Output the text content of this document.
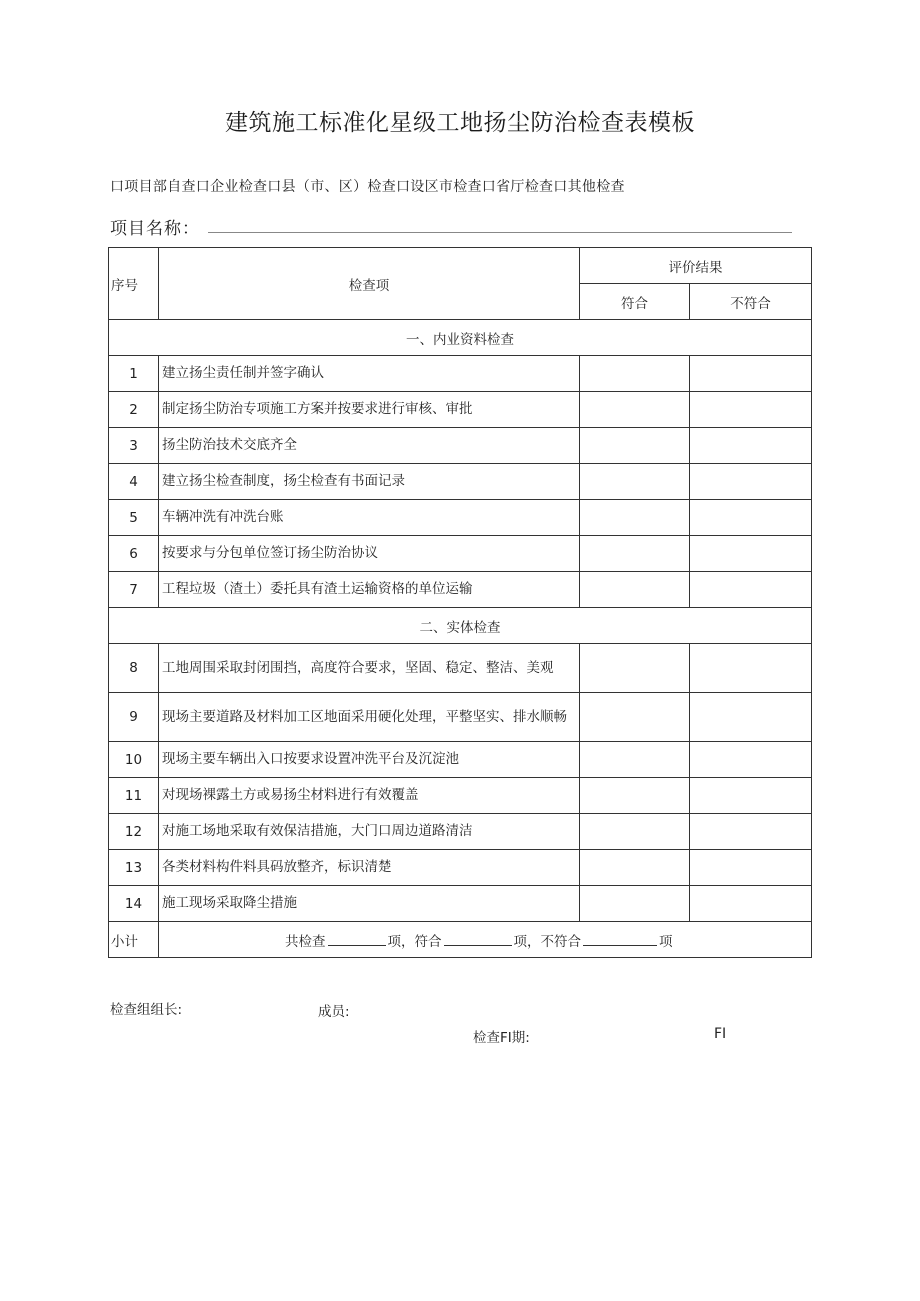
建筑施工标准化星级工地扬尘防治检查表模板
口项目部自查口企业检查口县（市、区）检查口设区市检查口省厅检查口其他检查
项目名称：
序号	检查项	评价结果	
		符合	不符合
一、内业资料检查			
1	建立扬尘责任制并签字确认		
2	制定扬尘防治专项施工方案并按要求进行审核、审批		
3	扬尘防治技术交底齐全		
4	建立扬尘检查制度，扬尘检查有书面记录		
5	车辆冲洗有冲洗台账		
6	按要求与分包单位签订扬尘防治协议		
7	工程垃圾（渣土）委托具有渣土运输资格的单位运输		
二、实体检查			
8	工地周围采取封闭围挡，高度符合要求，坚固、稳定、整洁、美观		
9	现场主要道路及材料加工区地面采用硬化处理，平整坚实、排水顺畅		
10	现场主要车辆出入口按要求设置冲洗平台及沉淀池		
11	对现场裸露土方或易扬尘材料进行有效覆盖		
12	对施工场地采取有效保洁措施，大门口周边道路清洁		
13	各类材料构件料具码放整齐，标识清楚		
14	施工现场采取降尘措施		
小计	共检查 项，符合 项，不符合 项		
检查组组长:	成员:
检查FI期:	FI
